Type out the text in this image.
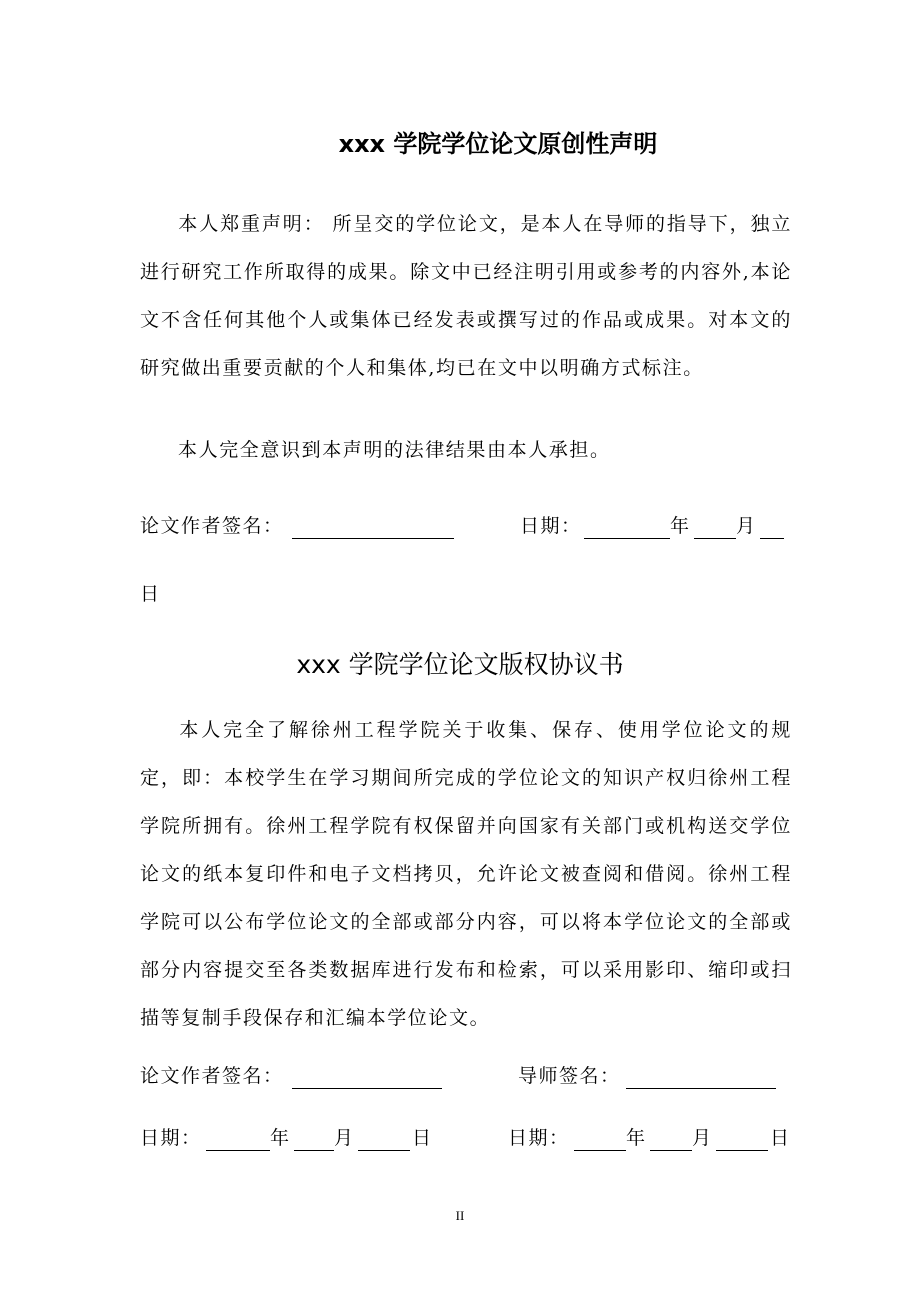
xxx 学院学位论文原创性声明

本人郑重声明： 所呈交的学位论文，是本人在导师的指导下，独立进行研究工作所取得的成果。除文中已经注明引用或参考的内容外,本论文不含任何其他个人或集体已经发表或撰写过的作品或成果。对本文的研究做出重要贡献的个人和集体,均已在文中以明确方式标注。

本人完全意识到本声明的法律结果由本人承担。

论文作者签名：	日期：	年 月
日
xxx 学院学位论文版权协议书

本人完全了解徐州工程学院关于收集、保存、使用学位论文的规定，即：本校学生在学习期间所完成的学位论文的知识产权归徐州工程学院所拥有。徐州工程学院有权保留并向国家有关部门或机构送交学位论文的纸本复印件和电子文档拷贝，允许论文被查阅和借阅。徐州工程学院可以公布学位论文的全部或部分内容，可以将本学位论文的全部或部分内容提交至各类数据库进行发布和检索，可以采用影印、缩印或扫描等复制手段保存和汇编本学位论文。

论文作者签名：	导师签名：
日期：	年 月	日	日期：	年 月	日
II
